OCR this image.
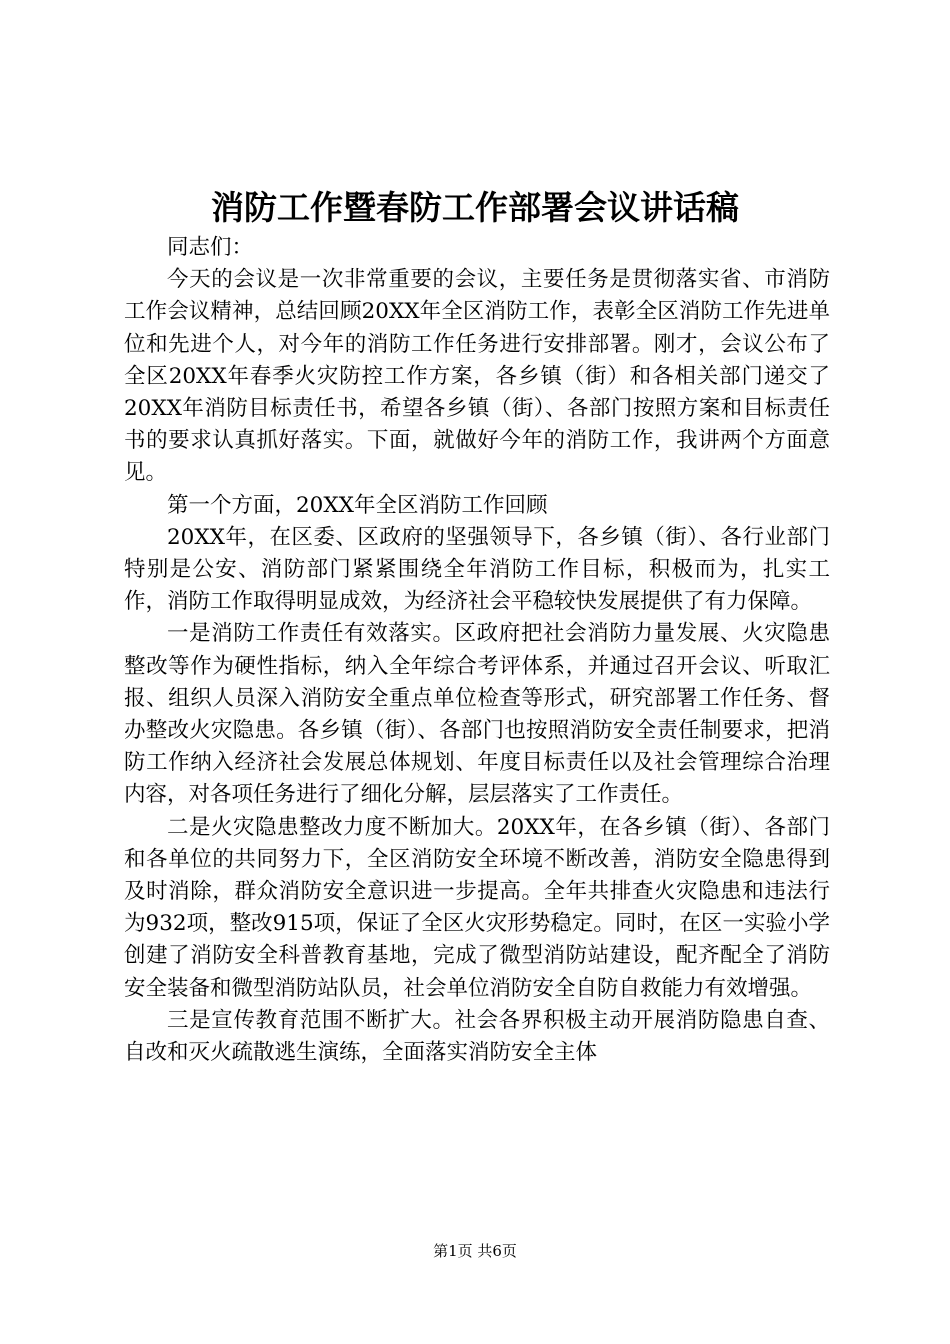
消防工作暨春防工作部署会议讲话稿

同志们：

今天的会议是一次非常重要的会议，主要任务是贯彻落实省、市消防工作会议精神，总结回顾20XX年全区消防工作，表彰全区消防工作先进单位和先进个人，对今年的消防工作任务进行安排部署。刚才，会议公布了全区20XX年春季火灾防控工作方案，各乡镇（街）和各相关部门递交了20XX年消防目标责任书，希望各乡镇（街）、各部门按照方案和目标责任书的要求认真抓好落实。下面，就做好今年的消防工作，我讲两个方面意见。

第一个方面，20XX年全区消防工作回顾

20XX年，在区委、区政府的坚强领导下，各乡镇（街）、各行业部门特别是公安、消防部门紧紧围绕全年消防工作目标，积极而为，扎实工作，消防工作取得明显成效，为经济社会平稳较快发展提供了有力保障。

一是消防工作责任有效落实。区政府把社会消防力量发展、火灾隐患整改等作为硬性指标，纳入全年综合考评体系，并通过召开会议、听取汇报、组织人员深入消防安全重点单位检查等形式，研究部署工作任务、督办整改火灾隐患。各乡镇（街）、各部门也按照消防安全责任制要求，把消防工作纳入经济社会发展总体规划、年度目标责任以及社会管理综合治理内容，对各项任务进行了细化分解，层层落实了工作责任。

二是火灾隐患整改力度不断加大。20XX年，在各乡镇（街）、各部门和各单位的共同努力下，全区消防安全环境不断改善，消防安全隐患得到及时消除，群众消防安全意识进一步提高。全年共排查火灾隐患和违法行为932项，整改915项，保证了全区火灾形势稳定。同时，在区一实验小学创建了消防安全科普教育基地，完成了微型消防站建设，配齐配全了消防安全装备和微型消防站队员，社会单位消防安全自防自救能力有效增强。

三是宣传教育范围不断扩大。社会各界积极主动开展消防隐患自查、自改和灭火疏散逃生演练，全面落实消防安全主体

第1页 共6页
